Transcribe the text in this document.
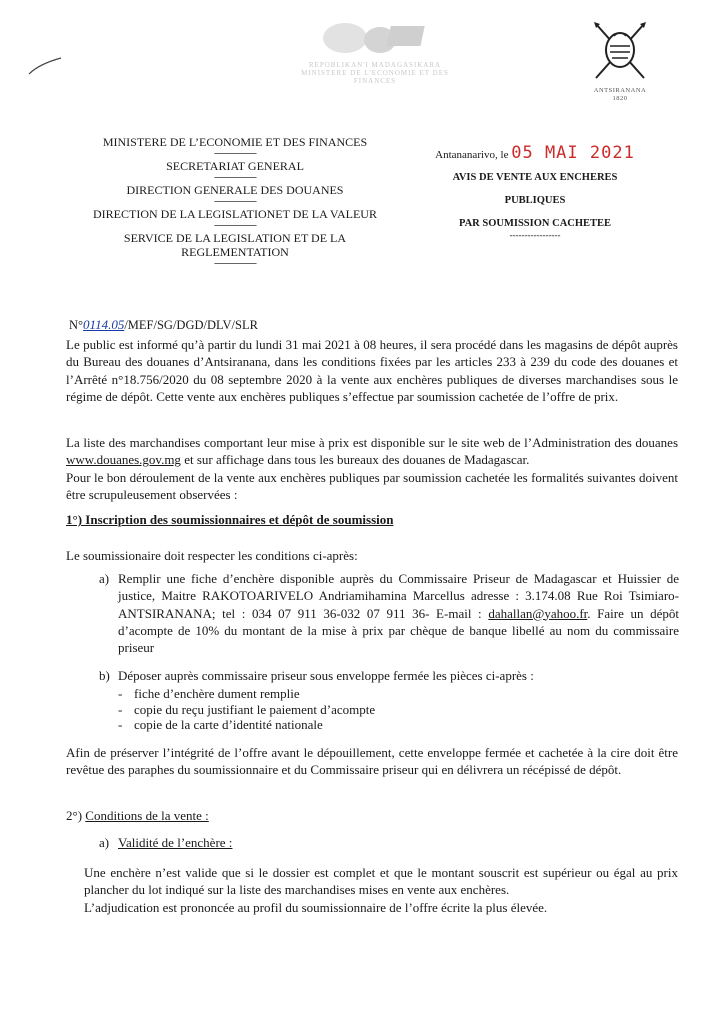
REPOBLIKAN'I MADAGASIKARA
MINISTERE DE L'ECONOMIE ET DES FINANCES
ANTSIRANANA
1820
MINISTERE DE L’ECONOMIE ET DES FINANCES
------------------
SECRETARIAT GENERAL
------------------
DIRECTION GENERALE DES DOUANES
------------------
DIRECTION DE LA LEGISLATIONET DE LA VALEUR
------------------
SERVICE DE LA LEGISLATION ET DE LA REGLEMENTATION
------------------
Antananarivo, le 05 MAI 2021
AVIS DE VENTE AUX ENCHERES
PUBLIQUES
PAR SOUMISSION CACHETEE
-----------------
N°0114.05/MEF/SG/DGD/DLV/SLR
Le public est informé qu’à partir du lundi 31 mai 2021 à 08 heures, il sera procédé dans les magasins de dépôt auprès du Bureau des douanes d’Antsiranana, dans les conditions fixées par les articles 233 à 239 du code des douanes et l’Arrêté n°18.756/2020 du 08 septembre 2020 à la vente aux enchères publiques de diverses marchandises sous le régime de dépôt. Cette vente aux enchères publiques s’effectue par soumission cachetée de l’offre de prix.
La liste des marchandises comportant leur mise à prix est disponible sur le site web de l’Administration des douanes www.douanes.gov.mg et sur affichage dans tous les bureaux des douanes de Madagascar.
Pour le bon déroulement de la vente aux enchères publiques par soumission cachetée les formalités suivantes doivent être scrupuleusement observées :
1°) Inscription des soumissionnaires et dépôt de soumission
Le soumissionaire doit respecter les conditions ci-après:
a) Remplir une fiche d’enchère disponible auprès du Commissaire Priseur de Madagascar et Huissier de justice, Maitre RAKOTOARIVELO Andriamihamina Marcellus adresse : 3.174.08 Rue Roi Tsimiaro-ANTSIRANANA; tel : 034 07 911 36-032 07 911 36- E-mail : dahallan@yahoo.fr. Faire un dépôt d’acompte de 10% du montant de la mise à prix par chèque de banque libellé au nom du commissaire priseur
b) Déposer auprès commissaire priseur sous enveloppe fermée les pièces ci-après :
- fiche d’enchère dument remplie
- copie du reçu justifiant le paiement d’acompte
- copie de la carte d’identité nationale
Afin de préserver l’intégrité de l’offre avant le dépouillement, cette enveloppe fermée et cachetée à la cire doit être revêtue des paraphes du soumissionnaire et du Commissaire priseur qui en délivrera un récépissé de dépôt.
2°) Conditions de la vente :
a) Validité de l’enchère :
Une enchère n’est valide que si le dossier est complet et que le montant souscrit est supérieur ou égal au prix plancher du lot indiqué sur la liste des marchandises mises en vente aux enchères.
L’adjudication est prononcée au profil du soumissionnaire de l’offre écrite la plus élevée.
